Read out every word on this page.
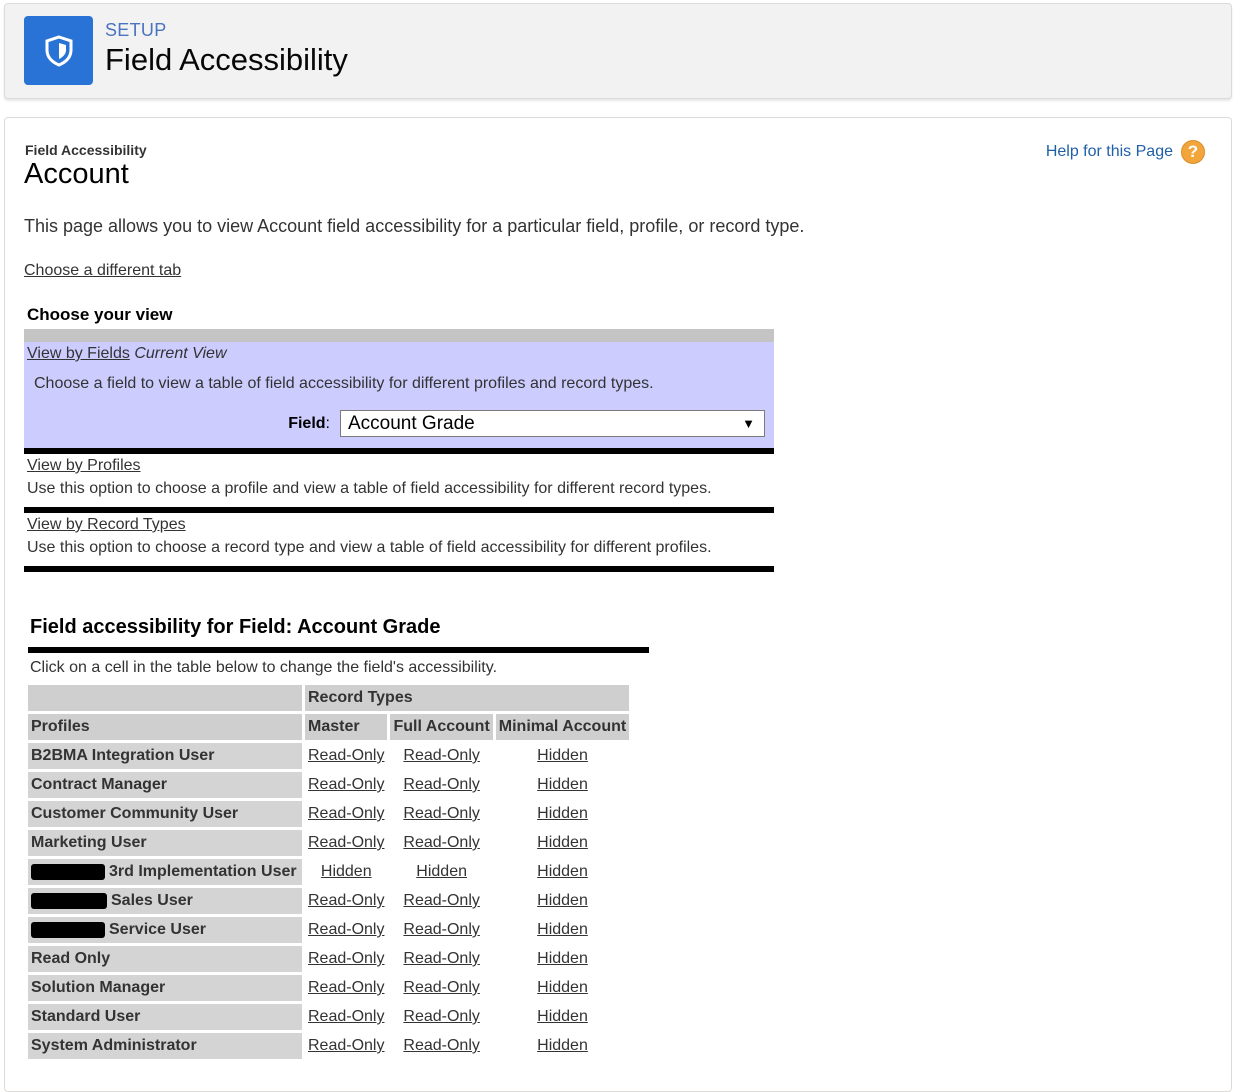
SETUP
Field Accessibility
Field Accessibility
Account
Help for this Page ?
This page allows you to view Account field accessibility for a particular field, profile, or record type.
Choose a different tab
Choose your view
View by Fields Current View
Choose a field to view a table of field accessibility for different profiles and record types.
Field: Account Grade	▼
View by Profiles
Use this option to choose a profile and view a table of field accessibility for different record types.
View by Record Types
Use this option to choose a record type and view a table of field accessibility for different profiles.
Field accessibility for Field: Account Grade
Click on a cell in the table below to change the field's accessibility.
	Record Types		
Profiles	Master	Full Account	Minimal Account
B2BMA Integration User	Read-Only	Read-Only	Hidden
Contract Manager	Read-Only	Read-Only	Hidden
Customer Community User	Read-Only	Read-Only	Hidden
Marketing User	Read-Only	Read-Only	Hidden
3rd Implementation User	Hidden	Hidden	Hidden
Sales User	Read-Only	Read-Only	Hidden
Service User	Read-Only	Read-Only	Hidden
Read Only	Read-Only	Read-Only	Hidden
Solution Manager	Read-Only	Read-Only	Hidden
Standard User	Read-Only	Read-Only	Hidden
System Administrator	Read-Only	Read-Only	Hidden
